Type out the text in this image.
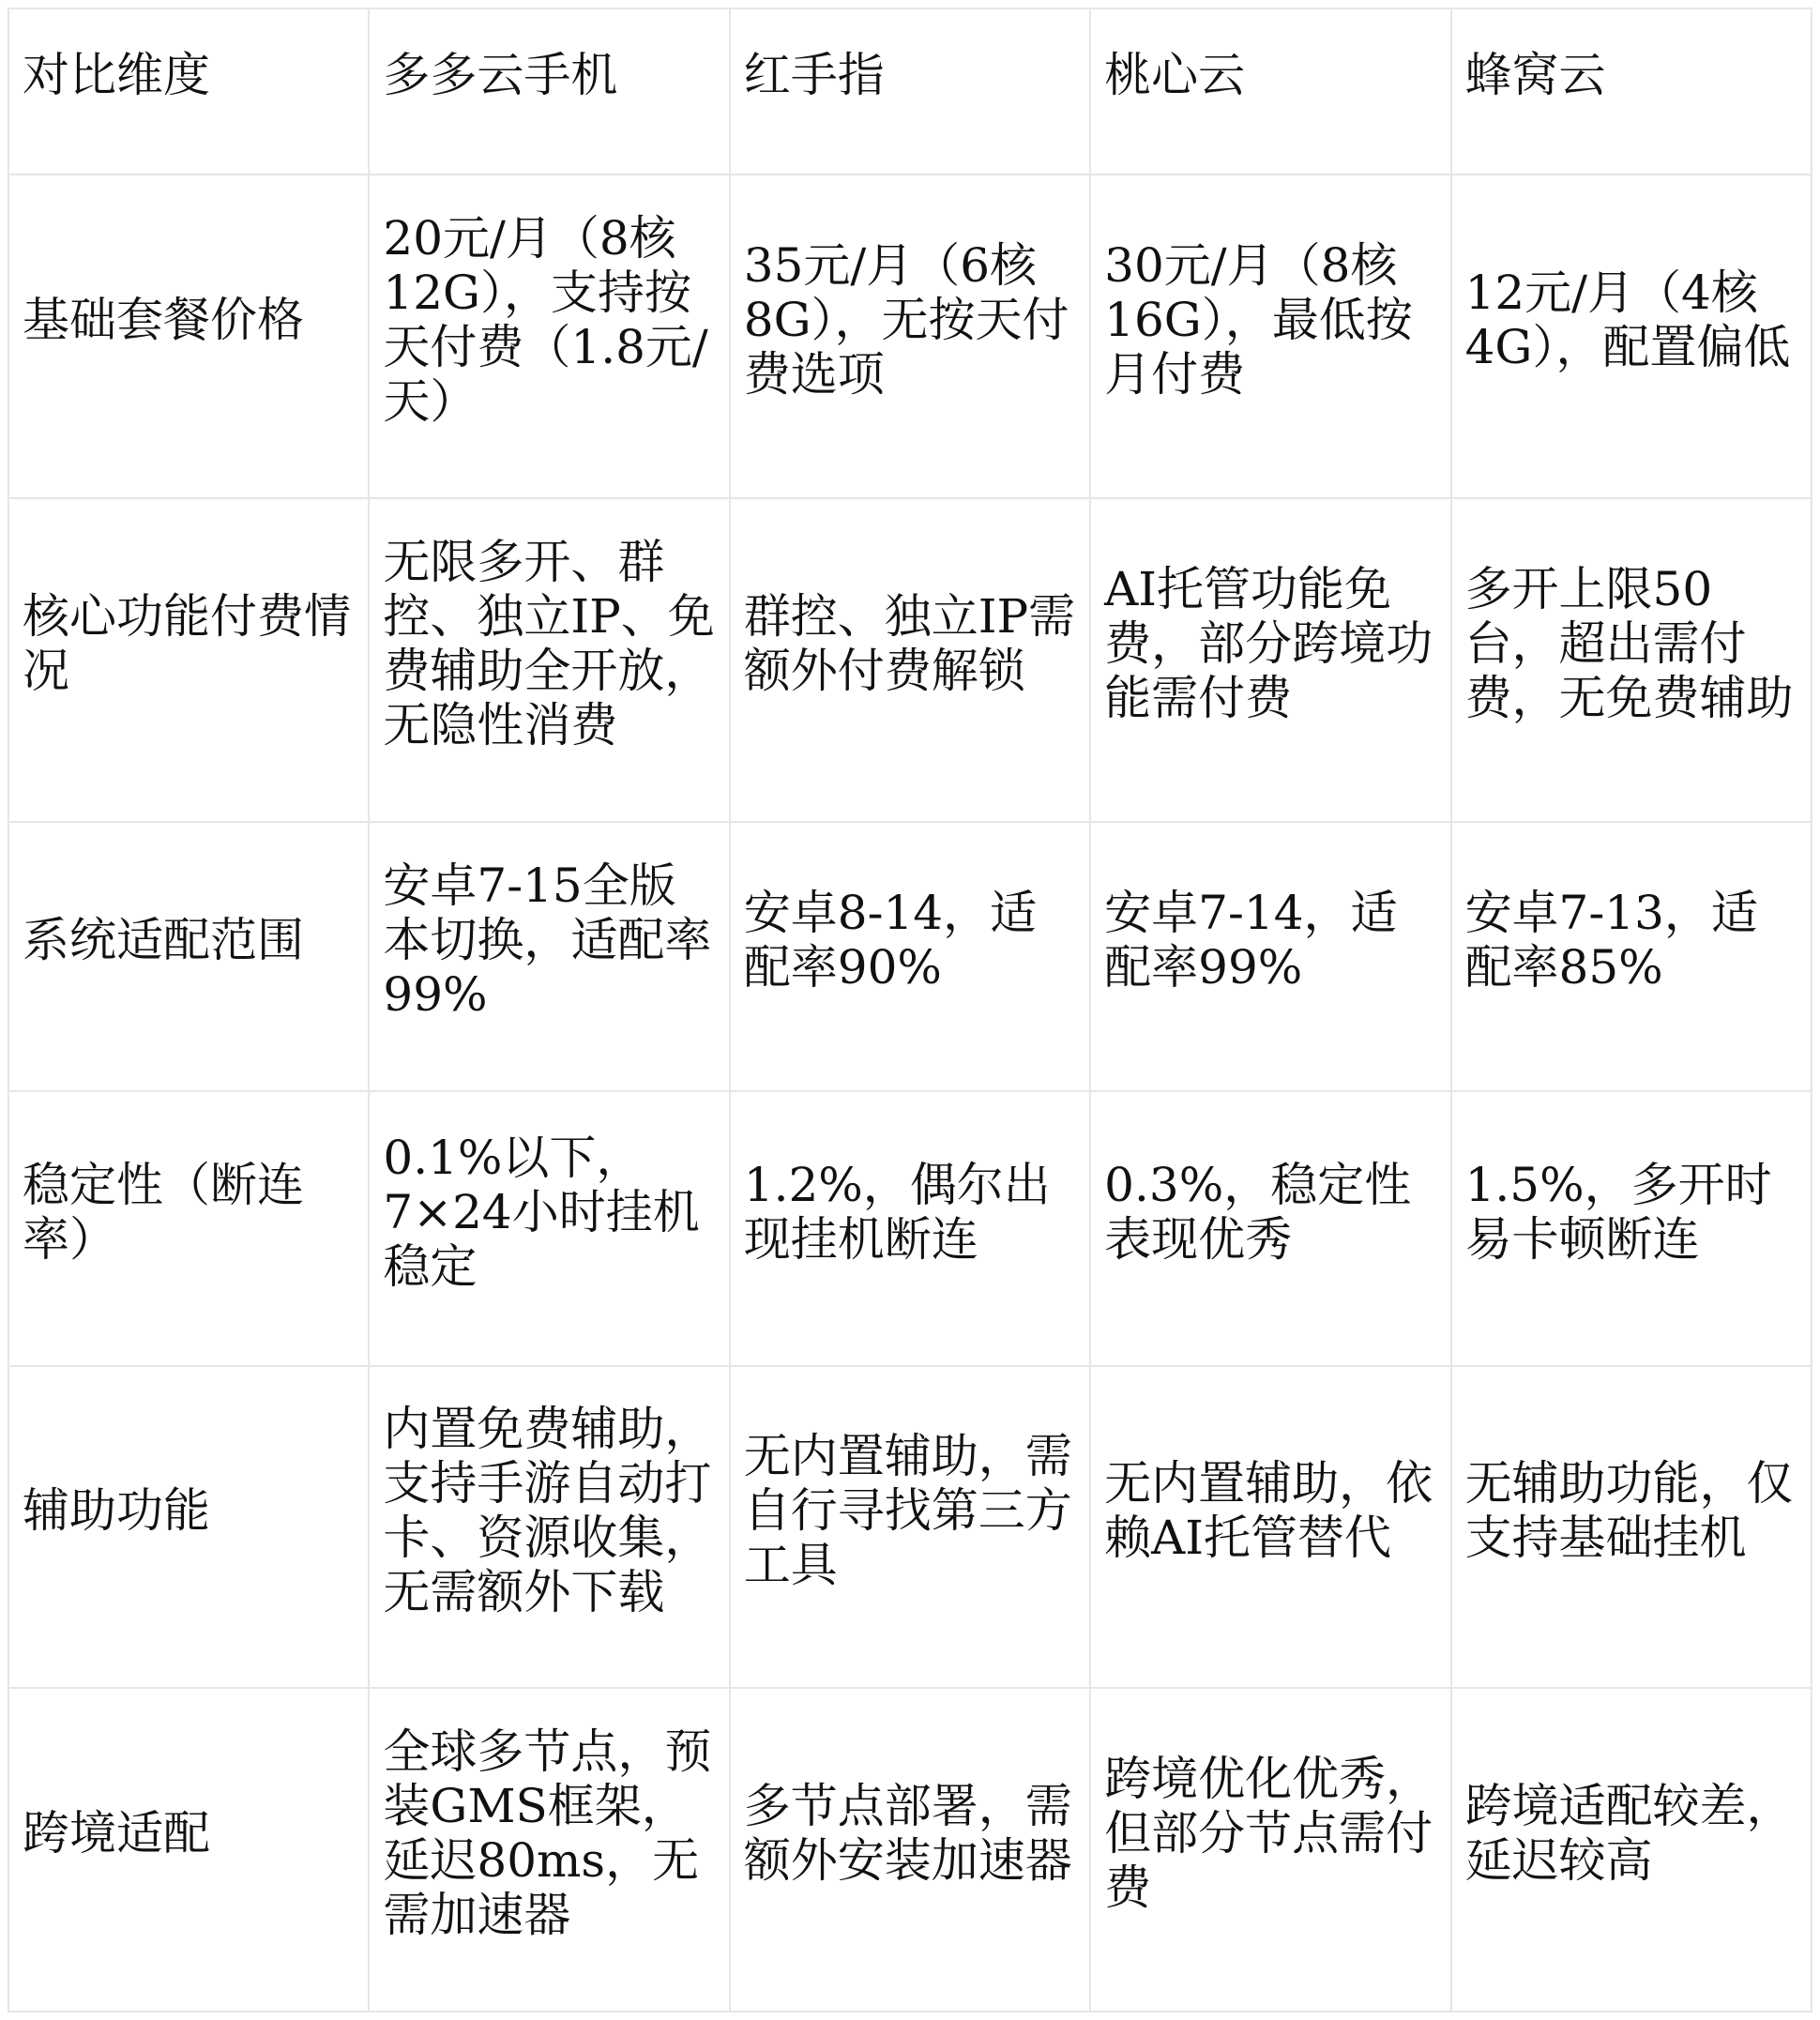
对比维度	多多云手机	红手指	桃心云	蜂窝云
基础套餐价格	20元/月（8核12G），支持按天付费（1.8元/天）	35元/月（6核8G），无按天付费选项	30元/月（8核16G），最低按月付费	12元/月（4核4G），配置偏低
核心功能付费情况	无限多开、群控、独立IP、免费辅助全开放，无隐性消费	群控、独立IP需额外付费解锁	AI托管功能免费，部分跨境功能需付费	多开上限50台，超出需付费，无免费辅助
系统适配范围	安卓7-15全版本切换，适配率99%	安卓8-14，适配率90%	安卓7-14，适配率99%	安卓7-13，适配率85%
稳定性（断连率）	0.1%以下，7×24小时挂机稳定	1.2%，偶尔出现挂机断连	0.3%，稳定性表现优秀	1.5%，多开时易卡顿断连
辅助功能	内置免费辅助，支持手游自动打卡、资源收集，无需额外下载	无内置辅助，需自行寻找第三方工具	无内置辅助，依赖AI托管替代	无辅助功能，仅支持基础挂机
跨境适配	全球多节点，预装GMS框架，延迟80ms，无需加速器	多节点部署，需额外安装加速器	跨境优化优秀，但部分节点需付费	跨境适配较差，延迟较高
